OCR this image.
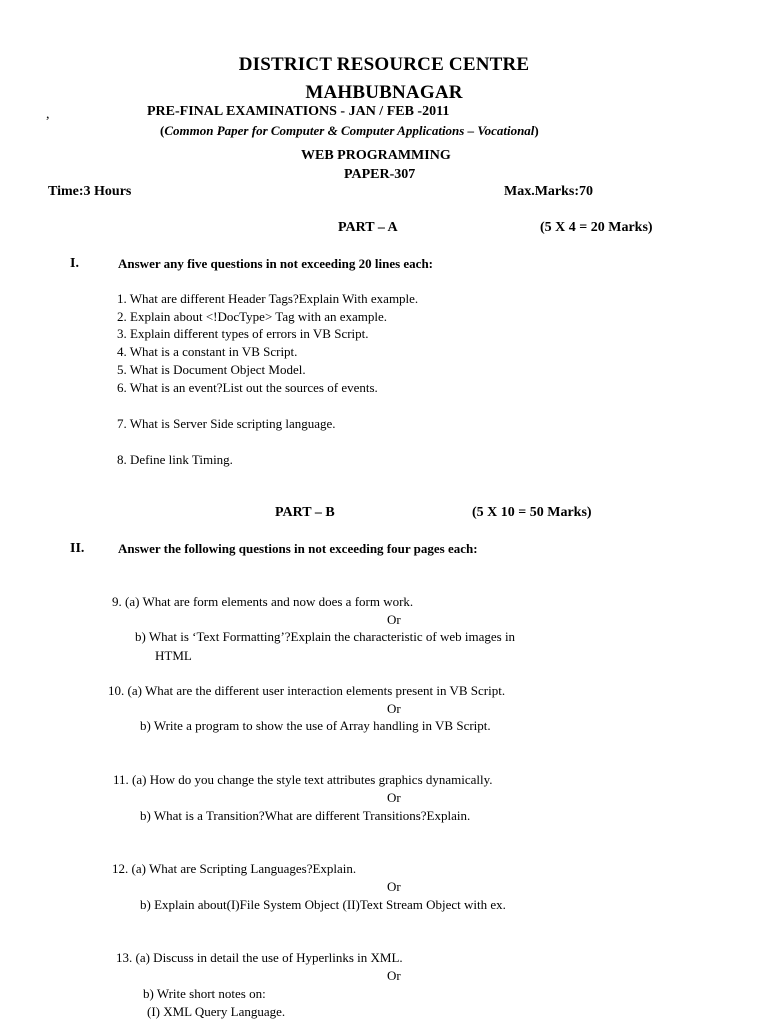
DISTRICT RESOURCE CENTRE
MAHBUBNAGAR
,	PRE-FINAL EXAMINATIONS - JAN / FEB -2011
(Common Paper for Computer & Computer Applications – Vocational)
WEB PROGRAMMING
PAPER-307
Time:3 Hours	Max.Marks:70
PART – A	(5 X 4 = 20 Marks)
I.	Answer any five questions in not exceeding 20 lines each:
1. What are different Header Tags?Explain With example.
2. Explain about <!DocType> Tag with an example.
3. Explain different types of errors in VB Script.
4. What is a constant in VB Script.
5. What is Document Object Model.
6. What is an event?List out the sources of events.
7. What is Server Side scripting language.
8. Define link Timing.
PART – B	(5 X 10 = 50 Marks)
II.	Answer the following questions in not exceeding four pages each:
9. (a) What are form elements and now does a form work.
Or
b) What is ‘Text Formatting’?Explain the characteristic of web images in
HTML
10. (a) What are the different user interaction elements present in VB Script.
Or
b) Write a program to show the use of Array handling in VB Script.
11. (a) How do you change the style text attributes graphics dynamically.
Or
b) What is a Transition?What are different Transitions?Explain.
12. (a) What are Scripting Languages?Explain.
Or
b) Explain about(I)File System Object (II)Text Stream Object with ex.
13. (a) Discuss in detail the use of Hyperlinks in XML.
Or
b) Write short notes on:
(I) XML Query Language.
